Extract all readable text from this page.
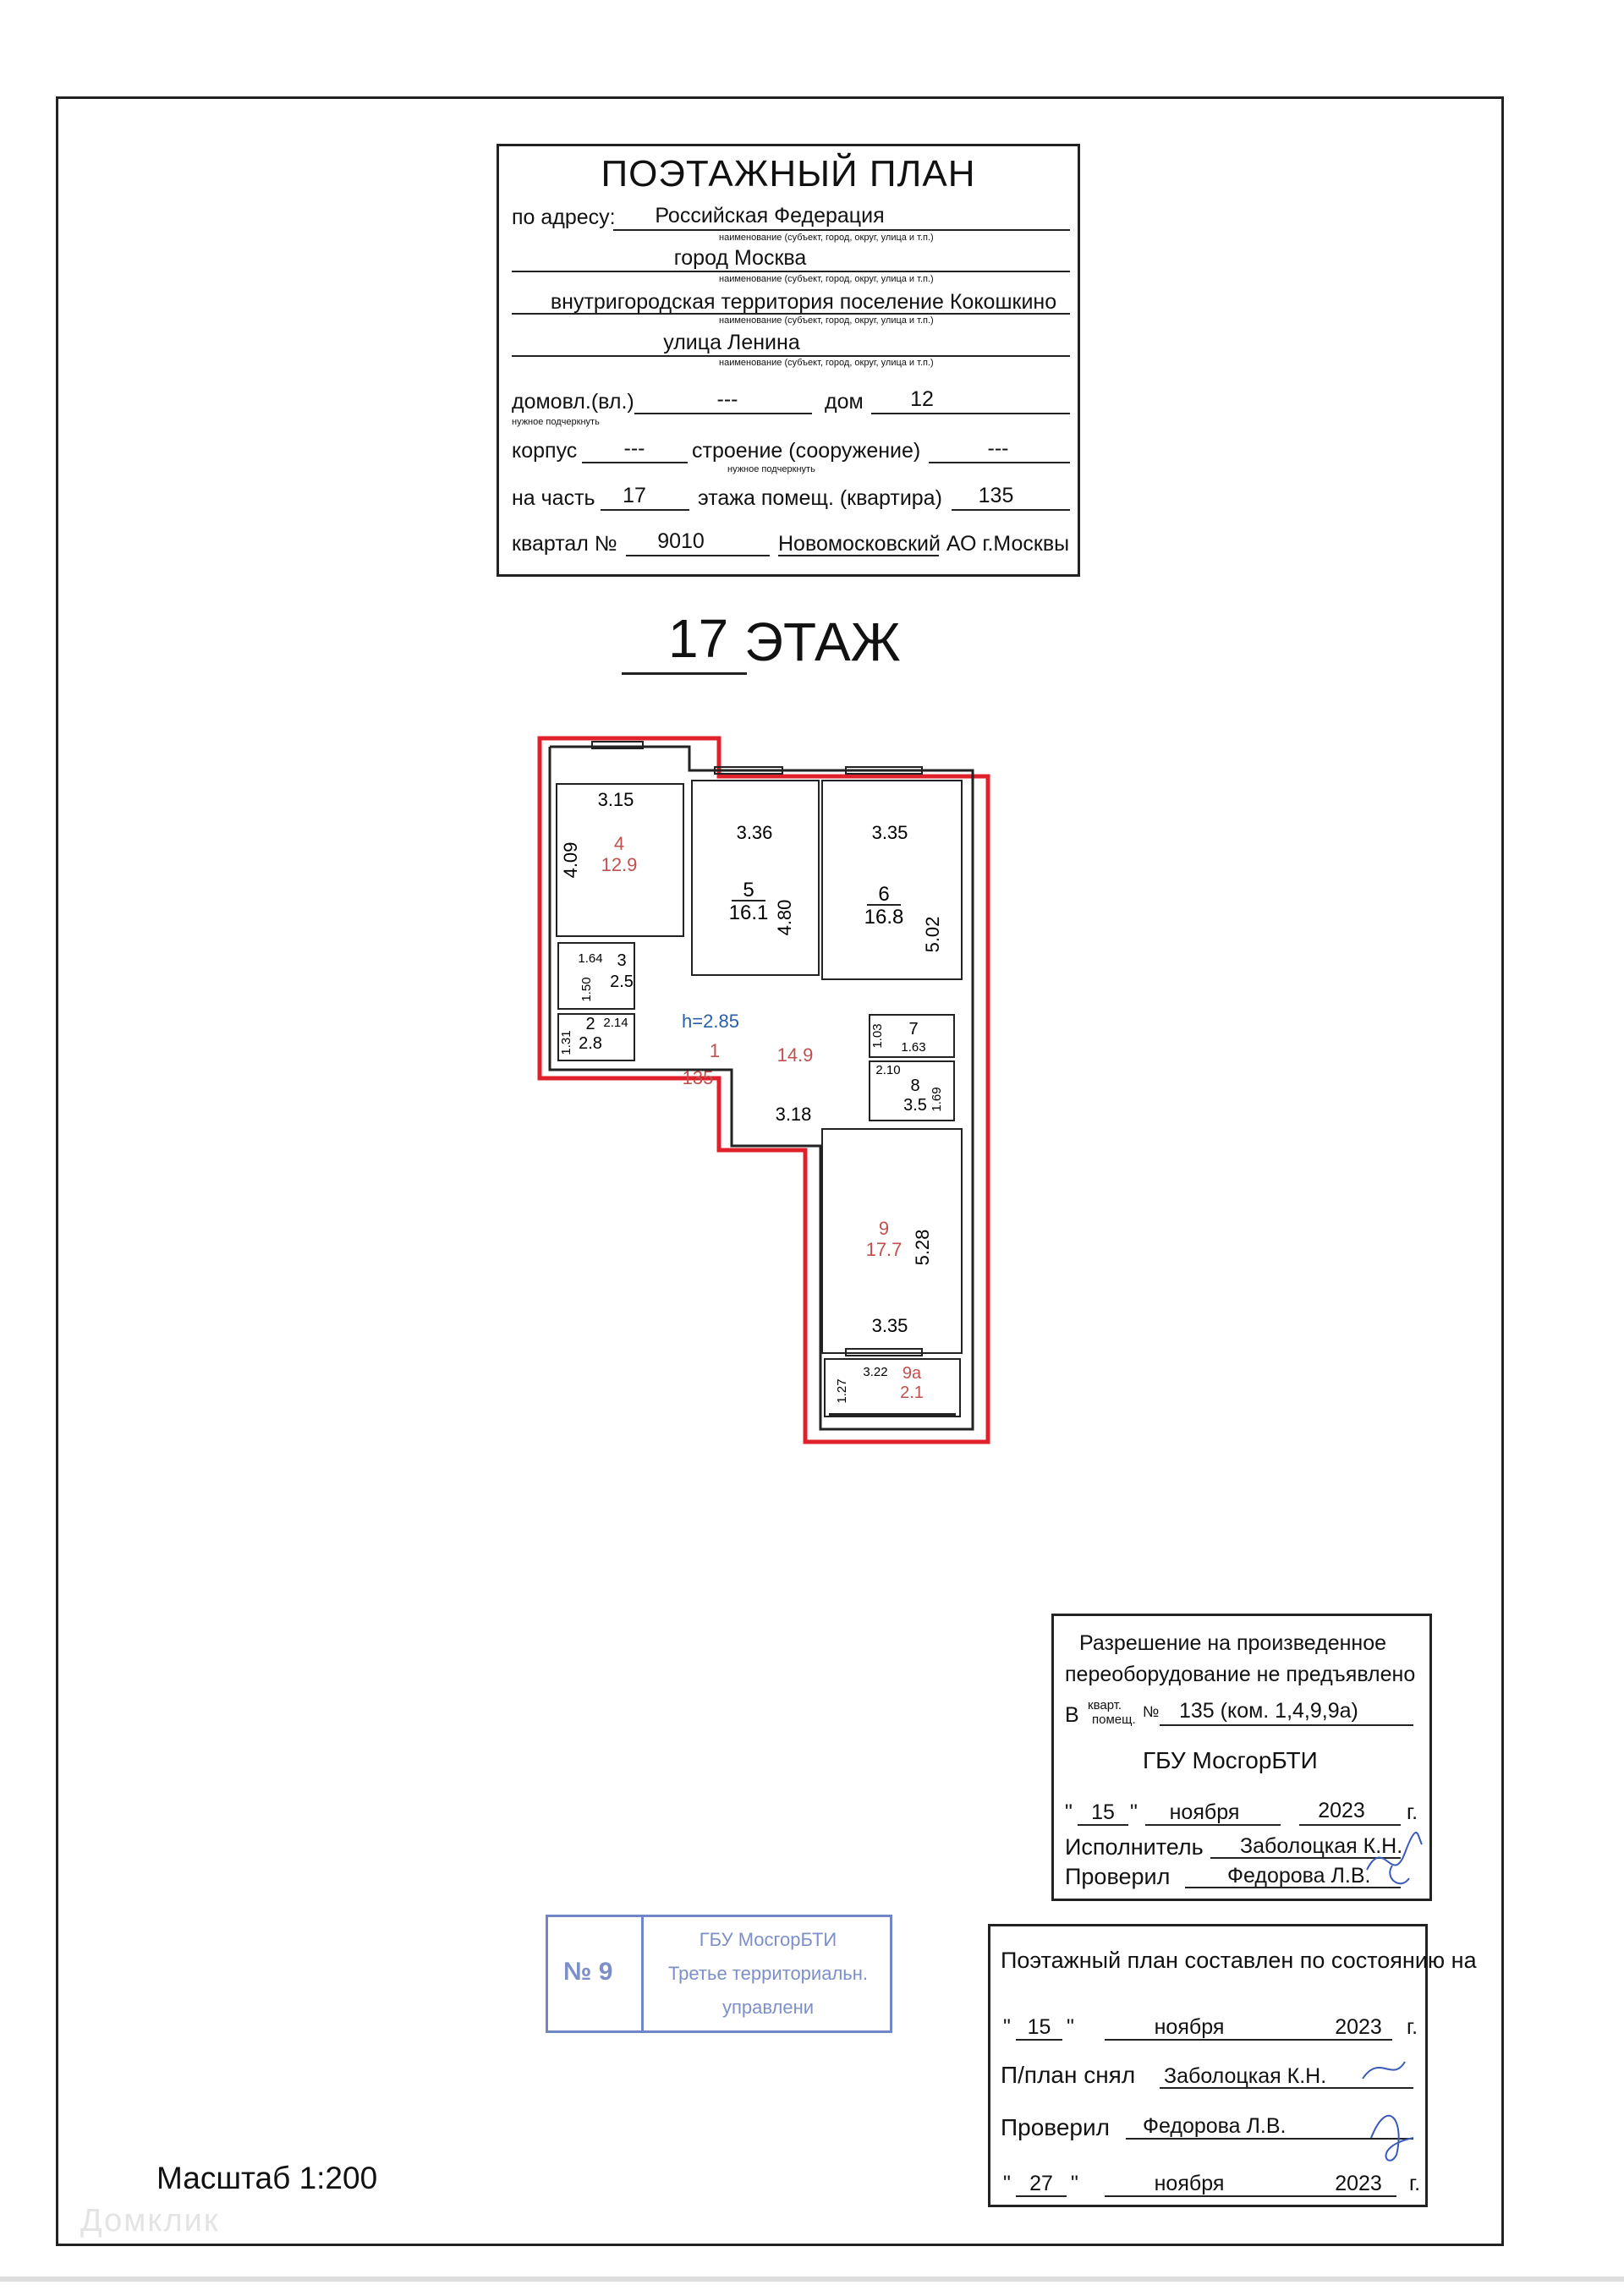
ПОЭТАЖНЫЙ ПЛАН
по адресу:	Российская Федерация
наименование (субъект, город, округ, улица и т.п.)
город Москва
наименование (субъект, город, округ, улица и т.п.)
внутригородская территория поселение Кокошкино
наименование (субъект, город, округ, улица и т.п.)
улица Ленина
наименование (субъект, город, округ, улица и т.п.)
домовл.(вл.)	---
нужное подчеркнуть
дом	12
корпус	---	строение (сооружение)	---
нужное подчеркнуть
на часть	17	этажа помещ. (квартира)	135
квартал №	9010	Новомосковский АО г.Москвы
17 ЭТАЖ
3.15
4.09
3.36
4.80
3.35
5.02
1.64
1.50
2.14
1.31	1.03 1.63
2.10
1.69
3.18
5.28
3.35
1.27
3.22
4
12.9
5
16.1
6
16.8
3
2.5
2
2.8	1	14.9
7
8
3.5
9
17.7
9а
2.1
h=2.85
135
Разрешение на произведенное
переоборудование не предъявлено
В кварт.
помещ. № 135 (ком. 1,4,9,9а)
ГБУ МосгорБТИ
" 15 "	ноября	2023	г.
Исполнитель Заболоцкая К.Н.
Проверил	Федорова Л.В.
№ 9
ГБУ МосгорБТИ
Третье территориальн.
управлени
Поэтажный план составлен по состоянию на
" 15 "	ноября	2023	г.
П/план снял Заболоцкая К.Н.
Проверил Федорова Л.В.
" 27 "	ноября	2023	г.
Масштаб 1:200
Домклик
